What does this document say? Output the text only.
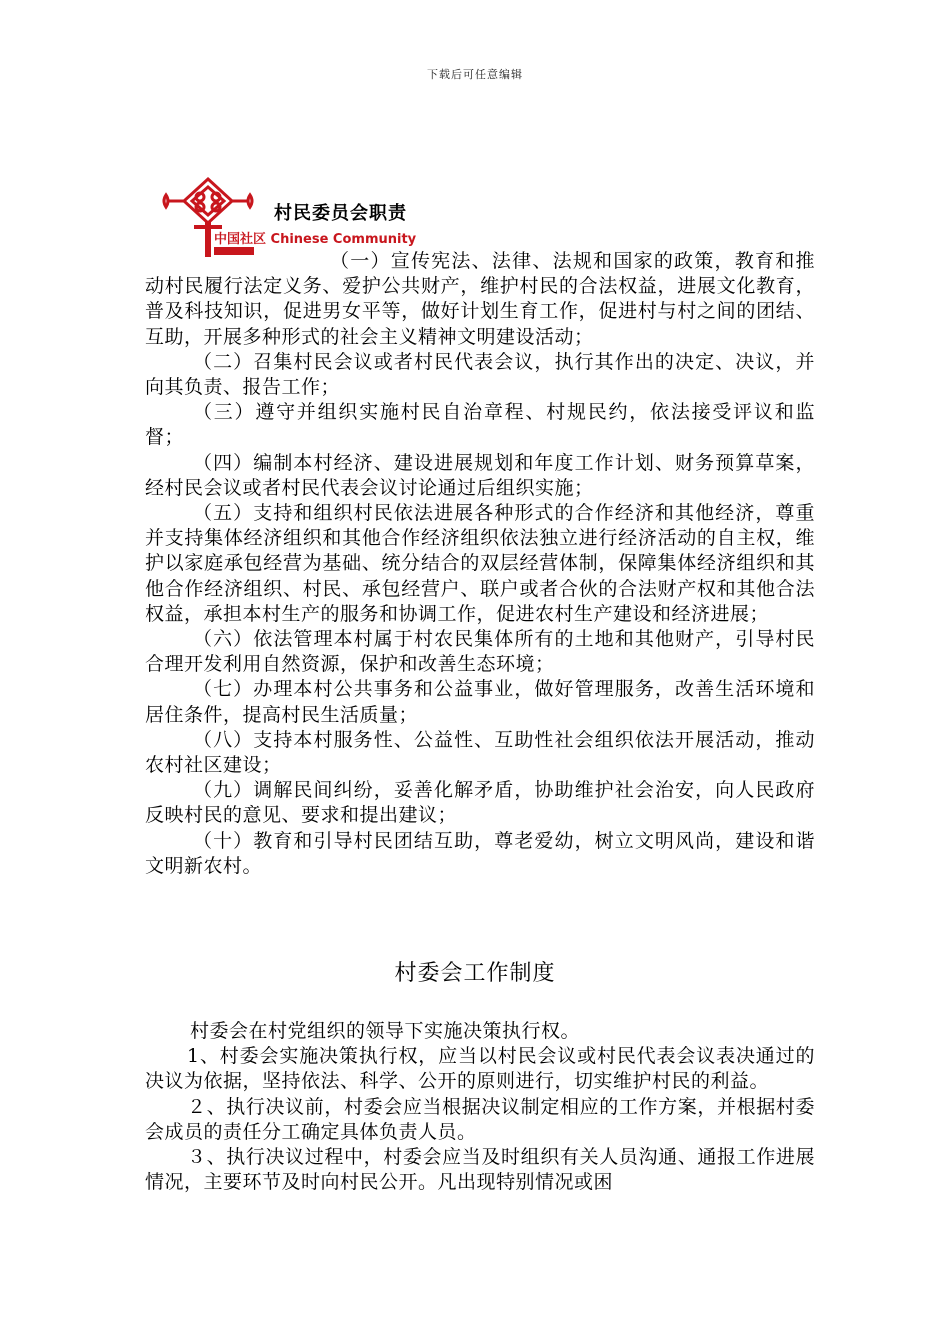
下载后可任意编辑
中国社区 Chinese Community
村民委员会职责

（一）宣传宪法、法律、法规和国家的政策，教育和推动村民履行法定义务、爱护公共财产，维护村民的合法权益，进展文化教育，普及科技知识，促进男女平等，做好计划生育工作，促进村与村之间的团结、互助，开展多种形式的社会主义精神文明建设活动；

（二）召集村民会议或者村民代表会议，执行其作出的决定、决议，并向其负责、报告工作；

（三）遵守并组织实施村民自治章程、村规民约，依法接受评议和监督；

（四）编制本村经济、建设进展规划和年度工作计划、财务预算草案，经村民会议或者村民代表会议讨论通过后组织实施；

（五）支持和组织村民依法进展各种形式的合作经济和其他经济，尊重并支持集体经济组织和其他合作经济组织依法独立进行经济活动的自主权，维护以家庭承包经营为基础、统分结合的双层经营体制，保障集体经济组织和其他合作经济组织、村民、承包经营户、联户或者合伙的合法财产权和其他合法权益，承担本村生产的服务和协调工作，促进农村生产建设和经济进展；

（六）依法管理本村属于村农民集体所有的土地和其他财产，引导村民合理开发利用自然资源，保护和改善生态环境；

（七）办理本村公共事务和公益事业，做好管理服务，改善生活环境和居住条件，提高村民生活质量；

（八）支持本村服务性、公益性、互助性社会组织依法开展活动，推动农村社区建设；

（九）调解民间纠纷，妥善化解矛盾，协助维护社会治安，向人民政府反映村民的意见、要求和提出建议；

（十）教育和引导村民团结互助，尊老爱幼，树立文明风尚，建设和谐文明新农村。

村委会工作制度

村委会在村党组织的领导下实施决策执行权。

1、村委会实施决策执行权，应当以村民会议或村民代表会议表决通过的决议为依据，坚持依法、科学、公开的原则进行，切实维护村民的利益。

２、执行决议前，村委会应当根据决议制定相应的工作方案，并根据村委会成员的责任分工确定具体负责人员。

３、执行决议过程中，村委会应当及时组织有关人员沟通、通报工作进展情况，主要环节及时向村民公开。凡出现特别情况或困
